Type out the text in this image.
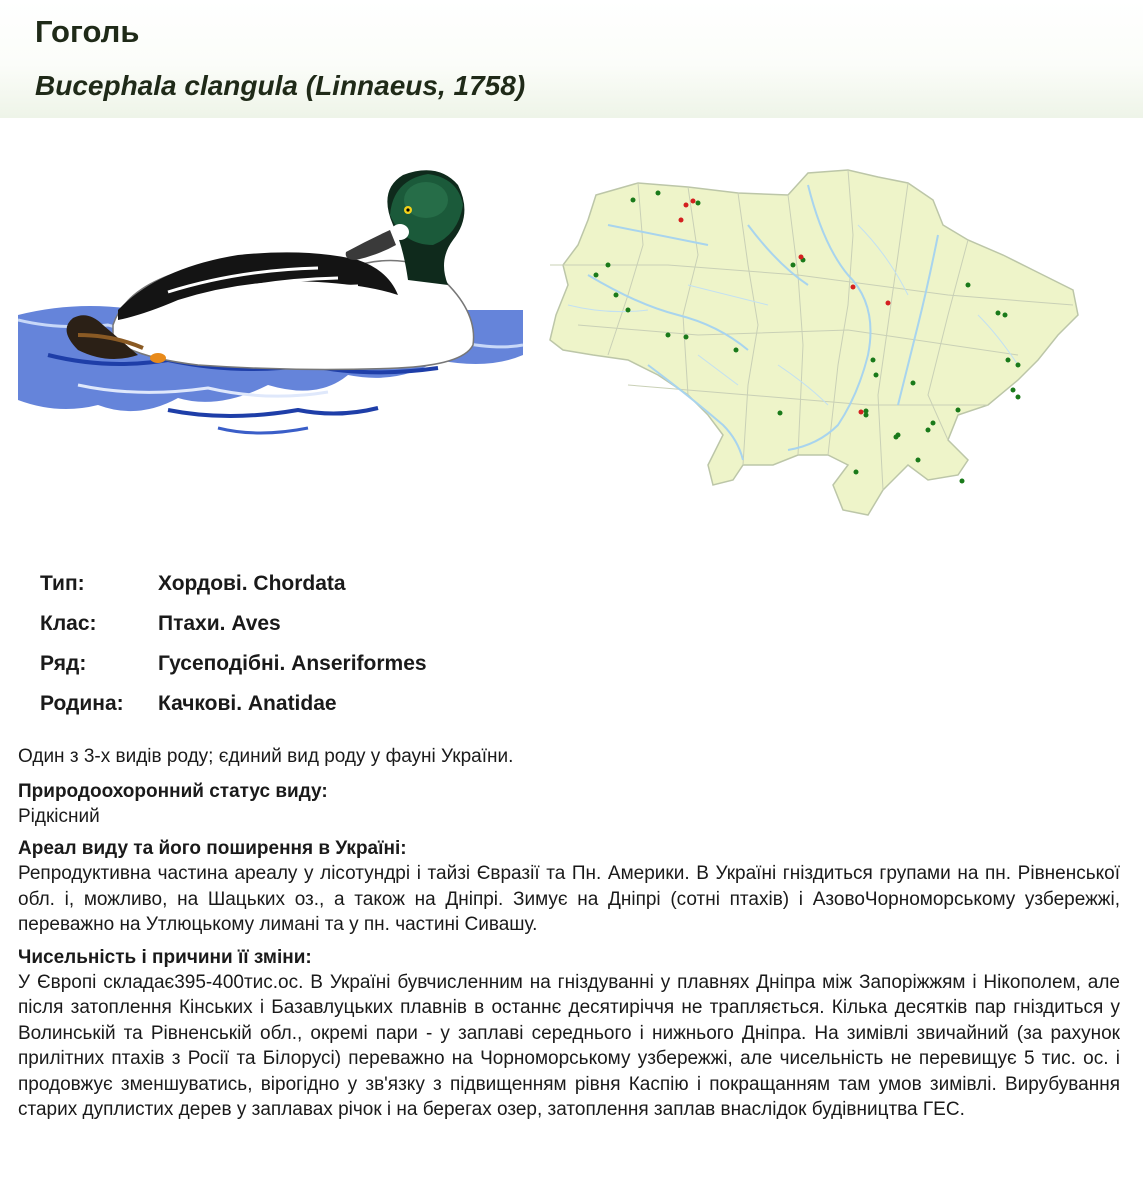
Гоголь
Bucephala clangula (Linnaeus, 1758)
Тип:	Хордові. Chordata
Клас:	Птахи. Aves
Ряд:	Гусеподібні. Anseriformes
Родина: Качкові. Anatidae

Один з 3-х видів роду; єдиний вид роду у фауні України.

Природоохоронний статус виду:

Рідкісний

Ареал виду та його поширення в Україні:

Репродуктивна частина ареалу у лісотундрі і тайзі Євразії та Пн. Америки. В Україні гніздиться групами на пн. Рівненської обл. і, можливо, на Шацьких оз., а також на Дніпрі. Зимує на Дніпрі (сотні птахів) і АзовоЧорноморському узбережжі, переважно на Утлюцькому лимані та у пн. частині Сивашу.

Чисельність і причини її зміни:

У Європі складає395-400тис.ос. В Україні бувчисленним на гніздуванні у плавнях Дніпра між Запоріжжям і Нікополем, але після затоплення Кінських і Базавлуцьких плавнів в останнє десятиріччя не трапляється. Кілька десятків пар гніздиться у Волинській та Рівненській обл., окремі пари - у заплаві середнього і нижнього Дніпра. На зимівлі звичайний (за рахунок прилітних птахів з Росії та Білорусі) переважно на Чорноморському узбережжі, але чисельність не перевищує 5 тис. ос. і продовжує зменшуватись, вірогідно у зв'язку з підвищенням рівня Каспію і покращанням там умов зимівлі. Вирубування старих дуплистих дерев у заплавах річок і на берегах озер, затоплення заплав внаслідок будівництва ГЕС.
